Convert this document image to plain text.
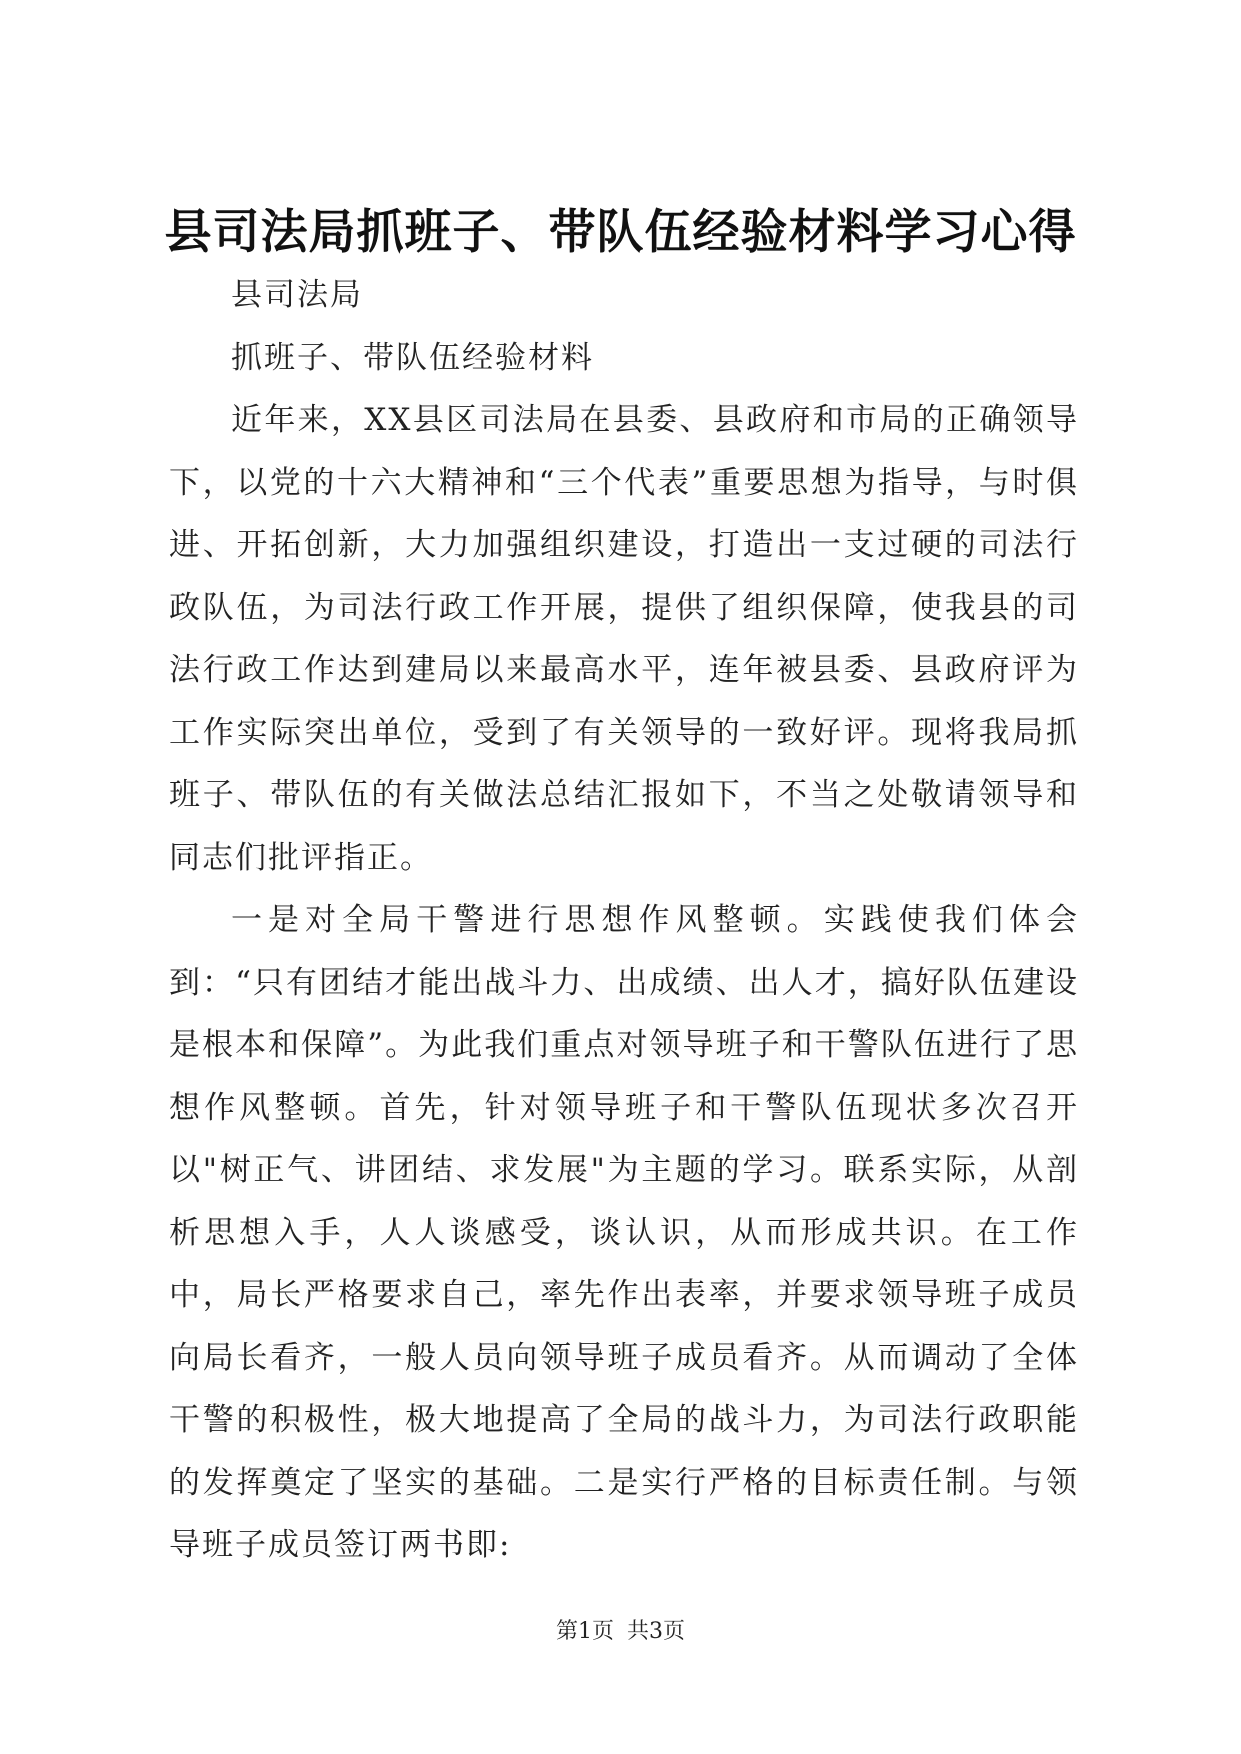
县司法局抓班子、带队伍经验材料学习心得

县司法局

抓班子、带队伍经验材料

近年来，XX县区司法局在县委、县政府和市局的正确领导下，以党的十六大精神和“三个代表”重要思想为指导，与时俱进、开拓创新，大力加强组织建设，打造出一支过硬的司法行政队伍，为司法行政工作开展，提供了组织保障，使我县的司法行政工作达到建局以来最高水平，连年被县委、县政府评为工作实际突出单位，受到了有关领导的一致好评。现将我局抓班子、带队伍的有关做法总结汇报如下，不当之处敬请领导和同志们批评指正。

一是对全局干警进行思想作风整顿。实践使我们体会到：“只有团结才能出战斗力、出成绩、出人才，搞好队伍建设是根本和保障”。为此我们重点对领导班子和干警队伍进行了思想作风整顿。首先，针对领导班子和干警队伍现状多次召开以"树正气、讲团结、求发展"为主题的学习。联系实际，从剖析思想入手，人人谈感受，谈认识，从而形成共识。在工作中，局长严格要求自己，率先作出表率，并要求领导班子成员向局长看齐，一般人员向领导班子成员看齐。从而调动了全体干警的积极性，极大地提高了全局的战斗力，为司法行政职能的发挥奠定了坚实的基础。二是实行严格的目标责任制。与领导班子成员签订两书即:

第1页 共3页
